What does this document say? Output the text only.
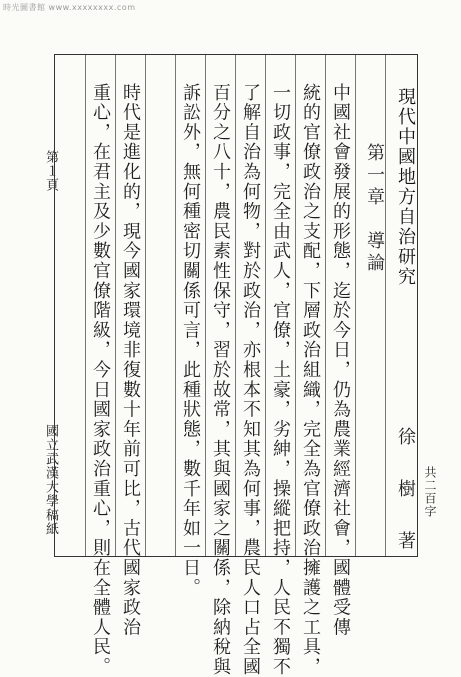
時光圖書館 www.xxxxxxxx.com
第１頁
國立武漢大學稿紙	共二百字
現代中國地方自治研究
徐　樹　著
第一章　導論
中國社會發展的形態，迄於今日，仍為農業經濟社會，國體受傳
統的官僚政治之支配，下層政治組織，完全為官僚政治擁護之工具，
一切政事，完全由武人，官僚，土豪，劣紳，操縱把持，人民不獨不
了解自治為何物，對於政治，亦根本不知其為何事，農民人口占全國
百分之八十，農民素性保守，習於故常，其與國家之關係，除納稅與
訴訟外，無何種密切關係可言，此種狀態，數千年如一日。
時代是進化的，現今國家環境非復數十年前可比，古代國家政治
重心，在君主及少數官僚階級，今日國家政治重心，則在全體人民。
